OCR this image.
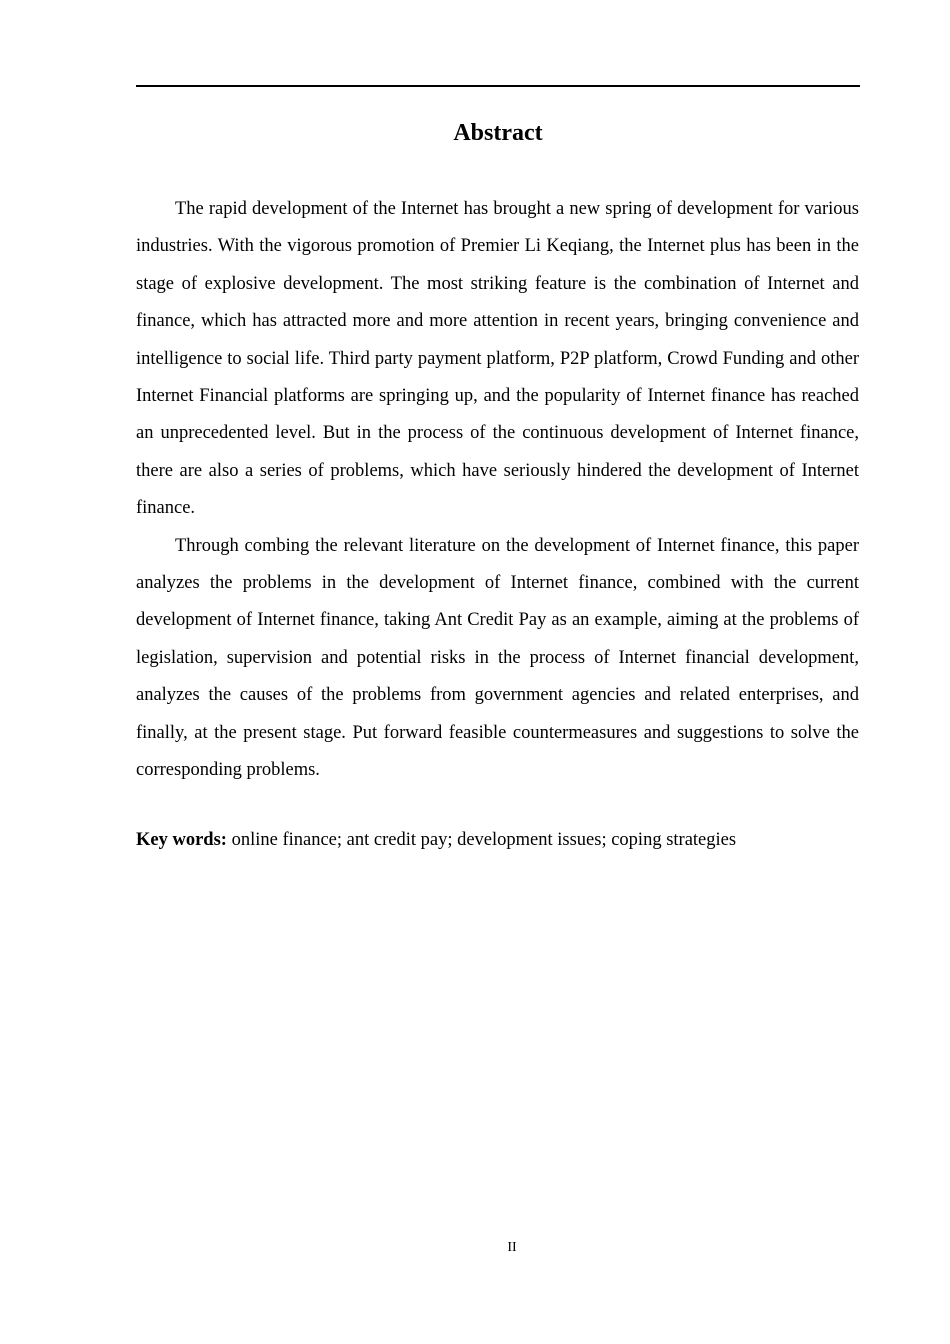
Abstract

The rapid development of the Internet has brought a new spring of development for various industries. With the vigorous promotion of Premier Li Keqiang, the Internet plus has been in the stage of explosive development. The most striking feature is the combination of Internet and finance, which has attracted more and more attention in recent years, bringing convenience and intelligence to social life. Third party payment platform, P2P platform, Crowd Funding and other Internet Financial platforms are springing up, and the popularity of Internet finance has reached an unprecedented level. But in the process of the continuous development of Internet finance, there are also a series of problems, which have seriously hindered the development of Internet finance.

Through combing the relevant literature on the development of Internet finance, this paper analyzes the problems in the development of Internet finance, combined with the current development of Internet finance, taking Ant Credit Pay as an example, aiming at the problems of legislation, supervision and potential risks in the process of Internet financial development, analyzes the causes of the problems from government agencies and related enterprises, and finally, at the present stage. Put forward feasible countermeasures and suggestions to solve the corresponding problems.

Key words: online finance; ant credit pay; development issues; coping strategies

II
